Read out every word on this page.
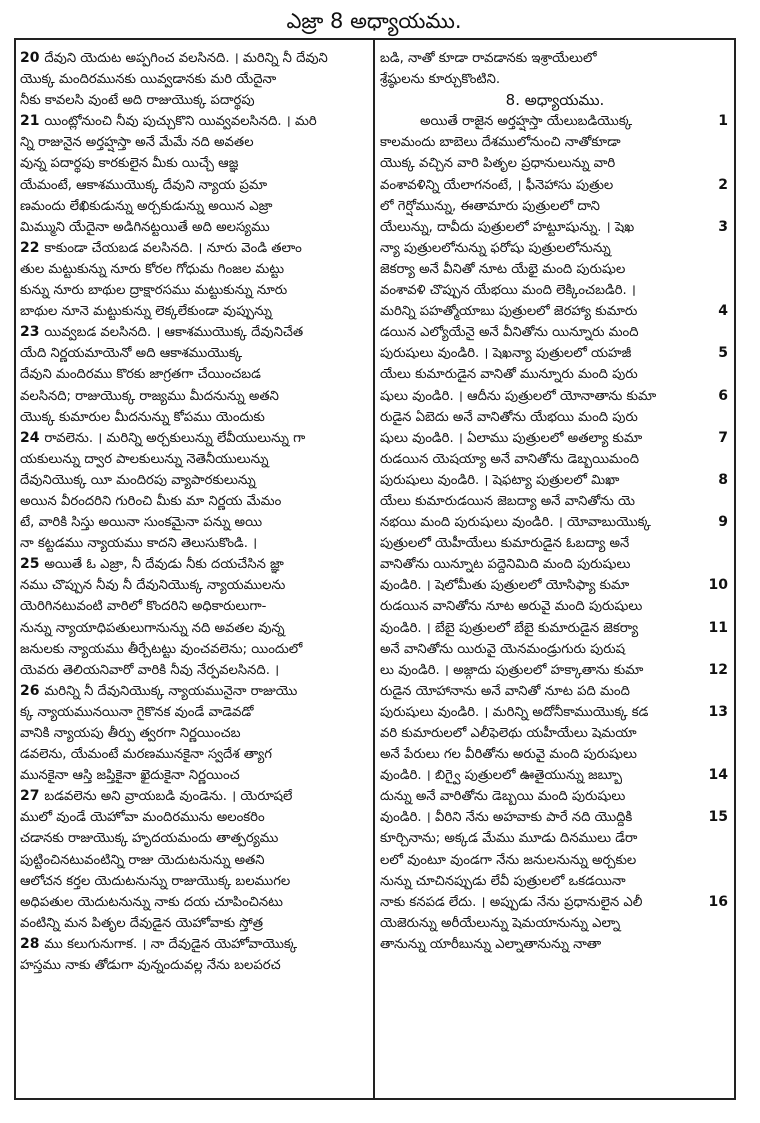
ఎజ్రా 8 అధ్యాయము.
20 దేవుని యెదుట అప్పగించ వలసినది. । మరిన్ని నీ దేవుని
యొక్క మందిరమునకు యివ్వడానకు మరి యేదైనా
నీకు కావలసి వుంటే అది రాజుయొక్క పదార్థపు
21 యింట్లోనుంచి నీవు పుచ్చుకొని యివ్వవలసినది. । మరి
న్ని రాజునైన అర్తహ్షస్తా అనే మేమే నది అవతల
వున్న పదార్థపు కారకులైన మీకు యిచ్చే ఆజ్ఞ
యేమంటే, ఆకాశముయొక్క దేవుని న్యాయ ప్రమా
ణమందు లేఖికుడున్ను అర్చకుడున్ను అయిన ఎజ్రా
మిమ్ముని యేదైనా అడిగినట్టయితే అది అలస్యము
22 కాకుండా చేయబడ వలసినది. । నూరు వెండి తలాం
తుల మట్టుకున్ను నూరు కోరల గోధుమ గింజల మట్టు
కున్ను నూరు బాథుల ద్రాక్షారసము మట్టుకున్ను నూరు
బాథుల నూనె మట్టుకున్ను లెక్కలేకుండా వుప్పున్ను
23 యివ్వబడ వలసినది. । ఆకాశముయొక్క దేవునిచేత
యేది నిర్ణయమాయెనో అది ఆకాశముయొక్క
దేవుని మందిరము కొరకు జాగ్రతగా చేయించబడ
వలసినది; రాజుయొక్క రాజ్యము మీదనున్ను అతని
యొక్క కుమారుల మీదనున్ను కోపము యెందుకు
24 రావలెను. । మరిన్ని అర్చకులున్ను లేవీయులున్ను గా
యకులున్ను ద్వార పాలకులున్ను నెతెనీయులున్ను
దేవునియొక్క యీ మందిరపు వ్యాపారకులున్ను
అయిన వీరందరిని గురించి మీకు మా నిర్ణయ మేమం
టే, వారికి సిస్తు అయినా సుంకమైనా పన్ను అయి
నా కట్టడము న్యాయము కాదని తెలుసుకొండి. ।
25 అయితే ఓ ఎజ్రా, నీ దేవుడు నీకు దయచేసిన జ్ఞా
నము చొప్పున నీవు నీ దేవునియొక్క న్యాయములను
యెరిగినటువంటి వారిలో కొందరిని అధికారులుగా-
నున్ను న్యాయాధిపతులుగానున్ను నది అవతల వున్న
జనులకు న్యాయము తీర్చేటట్టు వుంచవలెను; యిందులో
యెవరు తెలియనివారో వారికి నీవు నేర్పవలసినది. ।
26 మరిన్ని నీ దేవునియొక్క న్యాయమునైనా రాజుయొ
క్క న్యాయమునయినా గైకొనక వుండే వాడెవడో
వానికి న్యాయపు తీర్పు త్వరగా నిర్ణయించబ
డవలెను, యేమంటే మరణమునకైనా స్వదేశ త్యాగ
మునకైనా ఆస్తి జప్తికైనా ఖైదుకైనా నిర్ణయించ
27 బడవలెను అని వ్రాయబడి వుండెను. । యెరూషలే
ములో వుండే యెహోవా మందిరమును అలంకరిం
చడానకు రాజుయొక్క హృదయమందు తాత్పర్యము
పుట్టించినటువంటిన్ని రాజు యెదుటనున్ను అతని
ఆలోచన కర్తల యెదుటనున్ను రాజుయొక్క బలముగల
అధిపతుల యెదుటనున్ను నాకు దయ చూపించినటు
వంటిన్ని మన పితృల దేవుడైన యెహోవాకు స్తోత్ర
28 ము కలుగునుగాక. । నా దేవుడైన యెహోవాయొక్క
హస్తము నాకు తోడుగా వున్నందువల్ల నేను బలపరచ
బడి, నాతో కూడా రావడానకు ఇశ్రాయేలులో
శ్రేష్ఠులను కూర్చుకొంటిని.
8. అధ్యాయము.
అయితే రాజైన అర్తహ్షస్తా యేలుబడియొక్క	1
కాలమందు బాబెలు దేశములోనుంచి నాతోకూడా
యొక్క వచ్చిన వారి పితృల ప్రధానులున్ను వారి
వంశావళిన్ని యేలాగనంటే, । ఫీనెహాసు పుత్రుల	2
లో గెర్షోమున్ను, ఈతామారు పుత్రులలో దాని
యేలున్ను, దావీదు పుత్రులలో హట్టూషున్ను. । షెఖ	3
న్యా పుత్రులలోనున్ను ఫరోషు పుత్రులలోనున్ను
జెకర్యా అనే వీనితో నూట యేభై మంది పురుషుల
వంశావళి చొప్పున యేభయి మంది లెక్కించబడిరి. ।
మరిన్ని పహత్మోయాబు పుత్రులలో జెరహ్యా కుమారు	4
డయిన ఎల్యోయేనై అనే వీనితోను యిన్నూరు మంది
పురుషులు వుండిరి. । షెఖన్యా పుత్రులలో యహజీ	5
యేలు కుమారుడైన వానితో మున్నూరు మంది పురు
షులు వుండిరి. । ఆదీను పుత్రులలో యోనాతాను కుమా	6
రుడైన ఏబెదు అనే వానితోను యేభయి మంది పురు
షులు వుండిరి. । ఏలాము పుత్రులలో అతల్యా కుమా	7
రుడయిన యెషయ్యా అనే వానితోను డెబ్బయిమంది
పురుషులు వుండిరి. । షెఫట్యా పుత్రులలో మిఖా	8
యేలు కుమారుడయిన జెబద్యా అనే వానితోను యె
నభయి మంది పురుషులు వుండిరి. । యోవాబుయొక్క	9
పుత్రులలో యెహీయేలు కుమారుడైన ఓబద్యా అనే
వానితోను యిన్నూట పద్దెనిమిది మంది పురుషులు
వుండిరి. । షెలోమీతు పుత్రులలో యోసిఫ్యా కుమా	10
రుడయిన వానితోను నూట అరువై మంది పురుషులు
వుండిరి. । బేబై పుత్రులలో బేబై కుమారుడైన జెకర్యా	11
అనే వానితోను యిరువై యెనమండ్రుగురు పురుష
లు వుండిరి. । అజ్గాదు పుత్రులలో హక్కాతాను కుమా	12
రుడైన యోహానాను అనే వానితో నూట పది మంది
పురుషులు వుండిరి. । మరిన్ని అదోనీకాముయొక్క కడ	13
వరి కుమారులలో ఎలీఫెలెథు యహీయేలు షెమయా
అనే పేరులు గల వీరితోను అరువై మంది పురుషులు
వుండిరి. । బిగ్వై పుత్రులలో ఊతైయున్ను జబ్బూ	14
దున్ను అనే వారితోను డెబ్బయి మంది పురుషులు
వుండిరి. । వీరిని నేను అహవాకు పారే నది యొద్దికి	15
కూర్చినాను; అక్కడ మేము మూడు దినములు డేరా
లలో వుంటూ వుండగా నేను జనులనున్ను అర్చకుల
నున్ను చూచినప్పుడు లేవీ పుత్రులలో ఒకడయినా
నాకు కనపడ లేదు. । అప్పుడు నేను ప్రధానులైన ఎలీ	16
యెజెరున్ను అరీయేలున్ను షెమయానున్ను ఎల్నా
తానున్ను యారీబున్ను ఎల్నాతానున్ను నాతా
